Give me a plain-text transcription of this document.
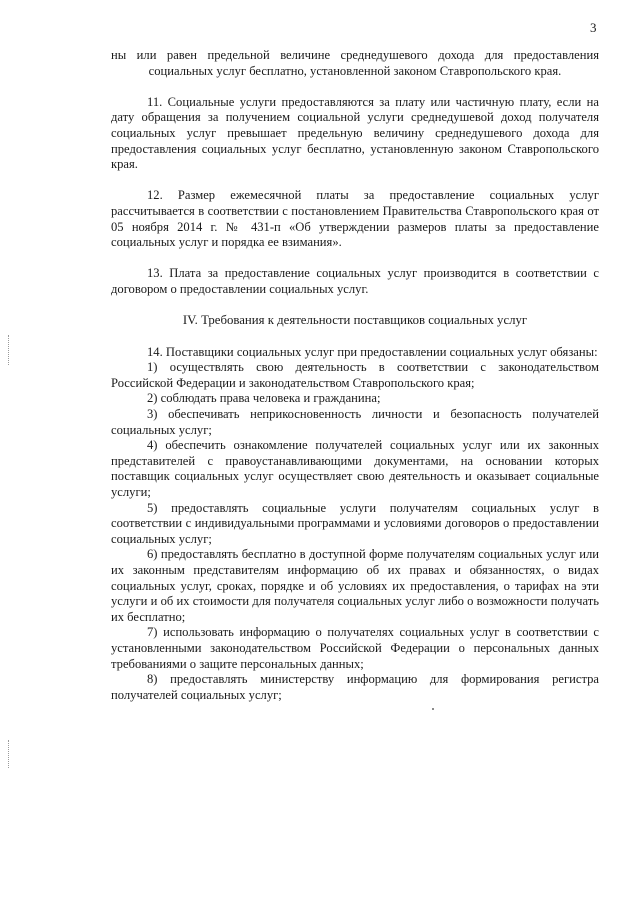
3

ны или равен предельной величине среднедушевого дохода для предоставления социальных услуг бесплатно, установленной законом Ставропольского края.

11. Социальные услуги предоставляются за плату или частичную плату, если на дату обращения за получением социальной услуги среднедушевой доход получателя социальных услуг превышает предельную величину среднедушевого дохода для предоставления социальных услуг бесплатно, установленную законом Ставропольского края.

12. Размер ежемесячной платы за предоставление социальных услуг рассчитывается в соответствии с постановлением Правительства Ставропольского края от 05 ноября 2014 г. № 431-п «Об утверждении размеров платы за предоставление социальных услуг и порядка ее взимания».

13. Плата за предоставление социальных услуг производится в соответствии с договором о предоставлении социальных услуг.

IV. Требования к деятельности поставщиков социальных услуг

14. Поставщики социальных услуг при предоставлении социальных услуг обязаны:

1) осуществлять свою деятельность в соответствии с законодательством Российской Федерации и законодательством Ставропольского края;

2) соблюдать права человека и гражданина;

3) обеспечивать неприкосновенность личности и безопасность получателей социальных услуг;

4) обеспечить ознакомление получателей социальных услуг или их законных представителей с правоустанавливающими документами, на основании которых поставщик социальных услуг осуществляет свою деятельность и оказывает социальные услуги;

5) предоставлять социальные услуги получателям социальных услуг в соответствии с индивидуальными программами и условиями договоров о предоставлении социальных услуг;

6) предоставлять бесплатно в доступной форме получателям социальных услуг или их законным представителям информацию об их правах и обязанностях, о видах социальных услуг, сроках, порядке и об условиях их предоставления, о тарифах на эти услуги и об их стоимости для получателя социальных услуг либо о возможности получать их бесплатно;

7) использовать информацию о получателях социальных услуг в соответствии с установленными законодательством Российской Федерации о персональных данных требованиями о защите персональных данных;

8) предоставлять министерству информацию для формирования регистра получателей социальных услуг;
